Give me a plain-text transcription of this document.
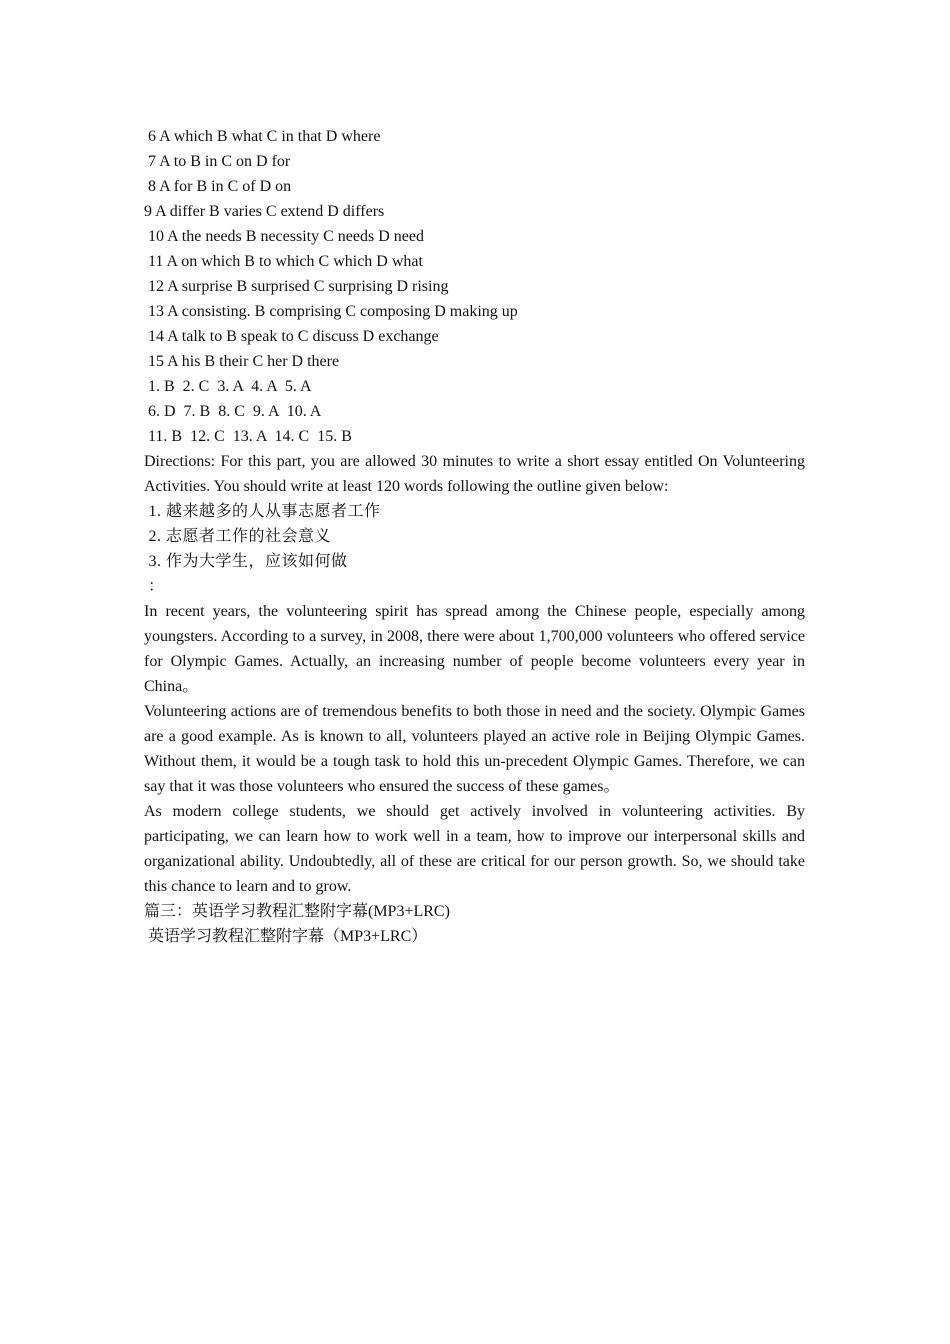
6 A which B what C in that D where
7 A to B in C on D for
8 A for B in C of D on
9 A differ B varies C extend D differs
10 A the needs B necessity C needs D need
11 A on which B to which C which D what
12 A surprise B surprised C surprising D rising
13 A consisting. B comprising C composing D making up
14 A talk to B speak to C discuss D exchange
15 A his B their C her D there
1. B  2. C  3. A  4. A  5. A
6. D  7. B  8. C  9. A  10. A
11. B  12. C  13. A  14. C  15. B
Directions: For this part, you are allowed 30 minutes to write a short essay entitled On Volunteering Activities. You should write at least 120 words following the outline given below:
1. 越来越多的人从事志愿者工作
2. 志愿者工作的社会意义
3. 作为大学生，应该如何做
：
In recent years, the volunteering spirit has spread among the Chinese people, especially among youngsters. According to a survey, in 2008, there were about 1,700,000 volunteers who offered service for Olympic Games. Actually, an increasing number of people become volunteers every year in China。
Volunteering actions are of tremendous benefits to both those in need and the society. Olympic Games are a good example. As is known to all, volunteers played an active role in Beijing Olympic Games. Without them, it would be a tough task to hold this un-precedent Olympic Games. Therefore, we can say that it was those volunteers who ensured the success of these games。
As modern college students, we should get actively involved in volunteering activities. By participating, we can learn how to work well in a team, how to improve our interpersonal skills and organizational ability. Undoubtedly, all of these are critical for our person growth. So, we should take this chance to learn and to grow.
篇三：英语学习教程汇整附字幕(MP3+LRC)
英语学习教程汇整附字幕（MP3+LRC）
